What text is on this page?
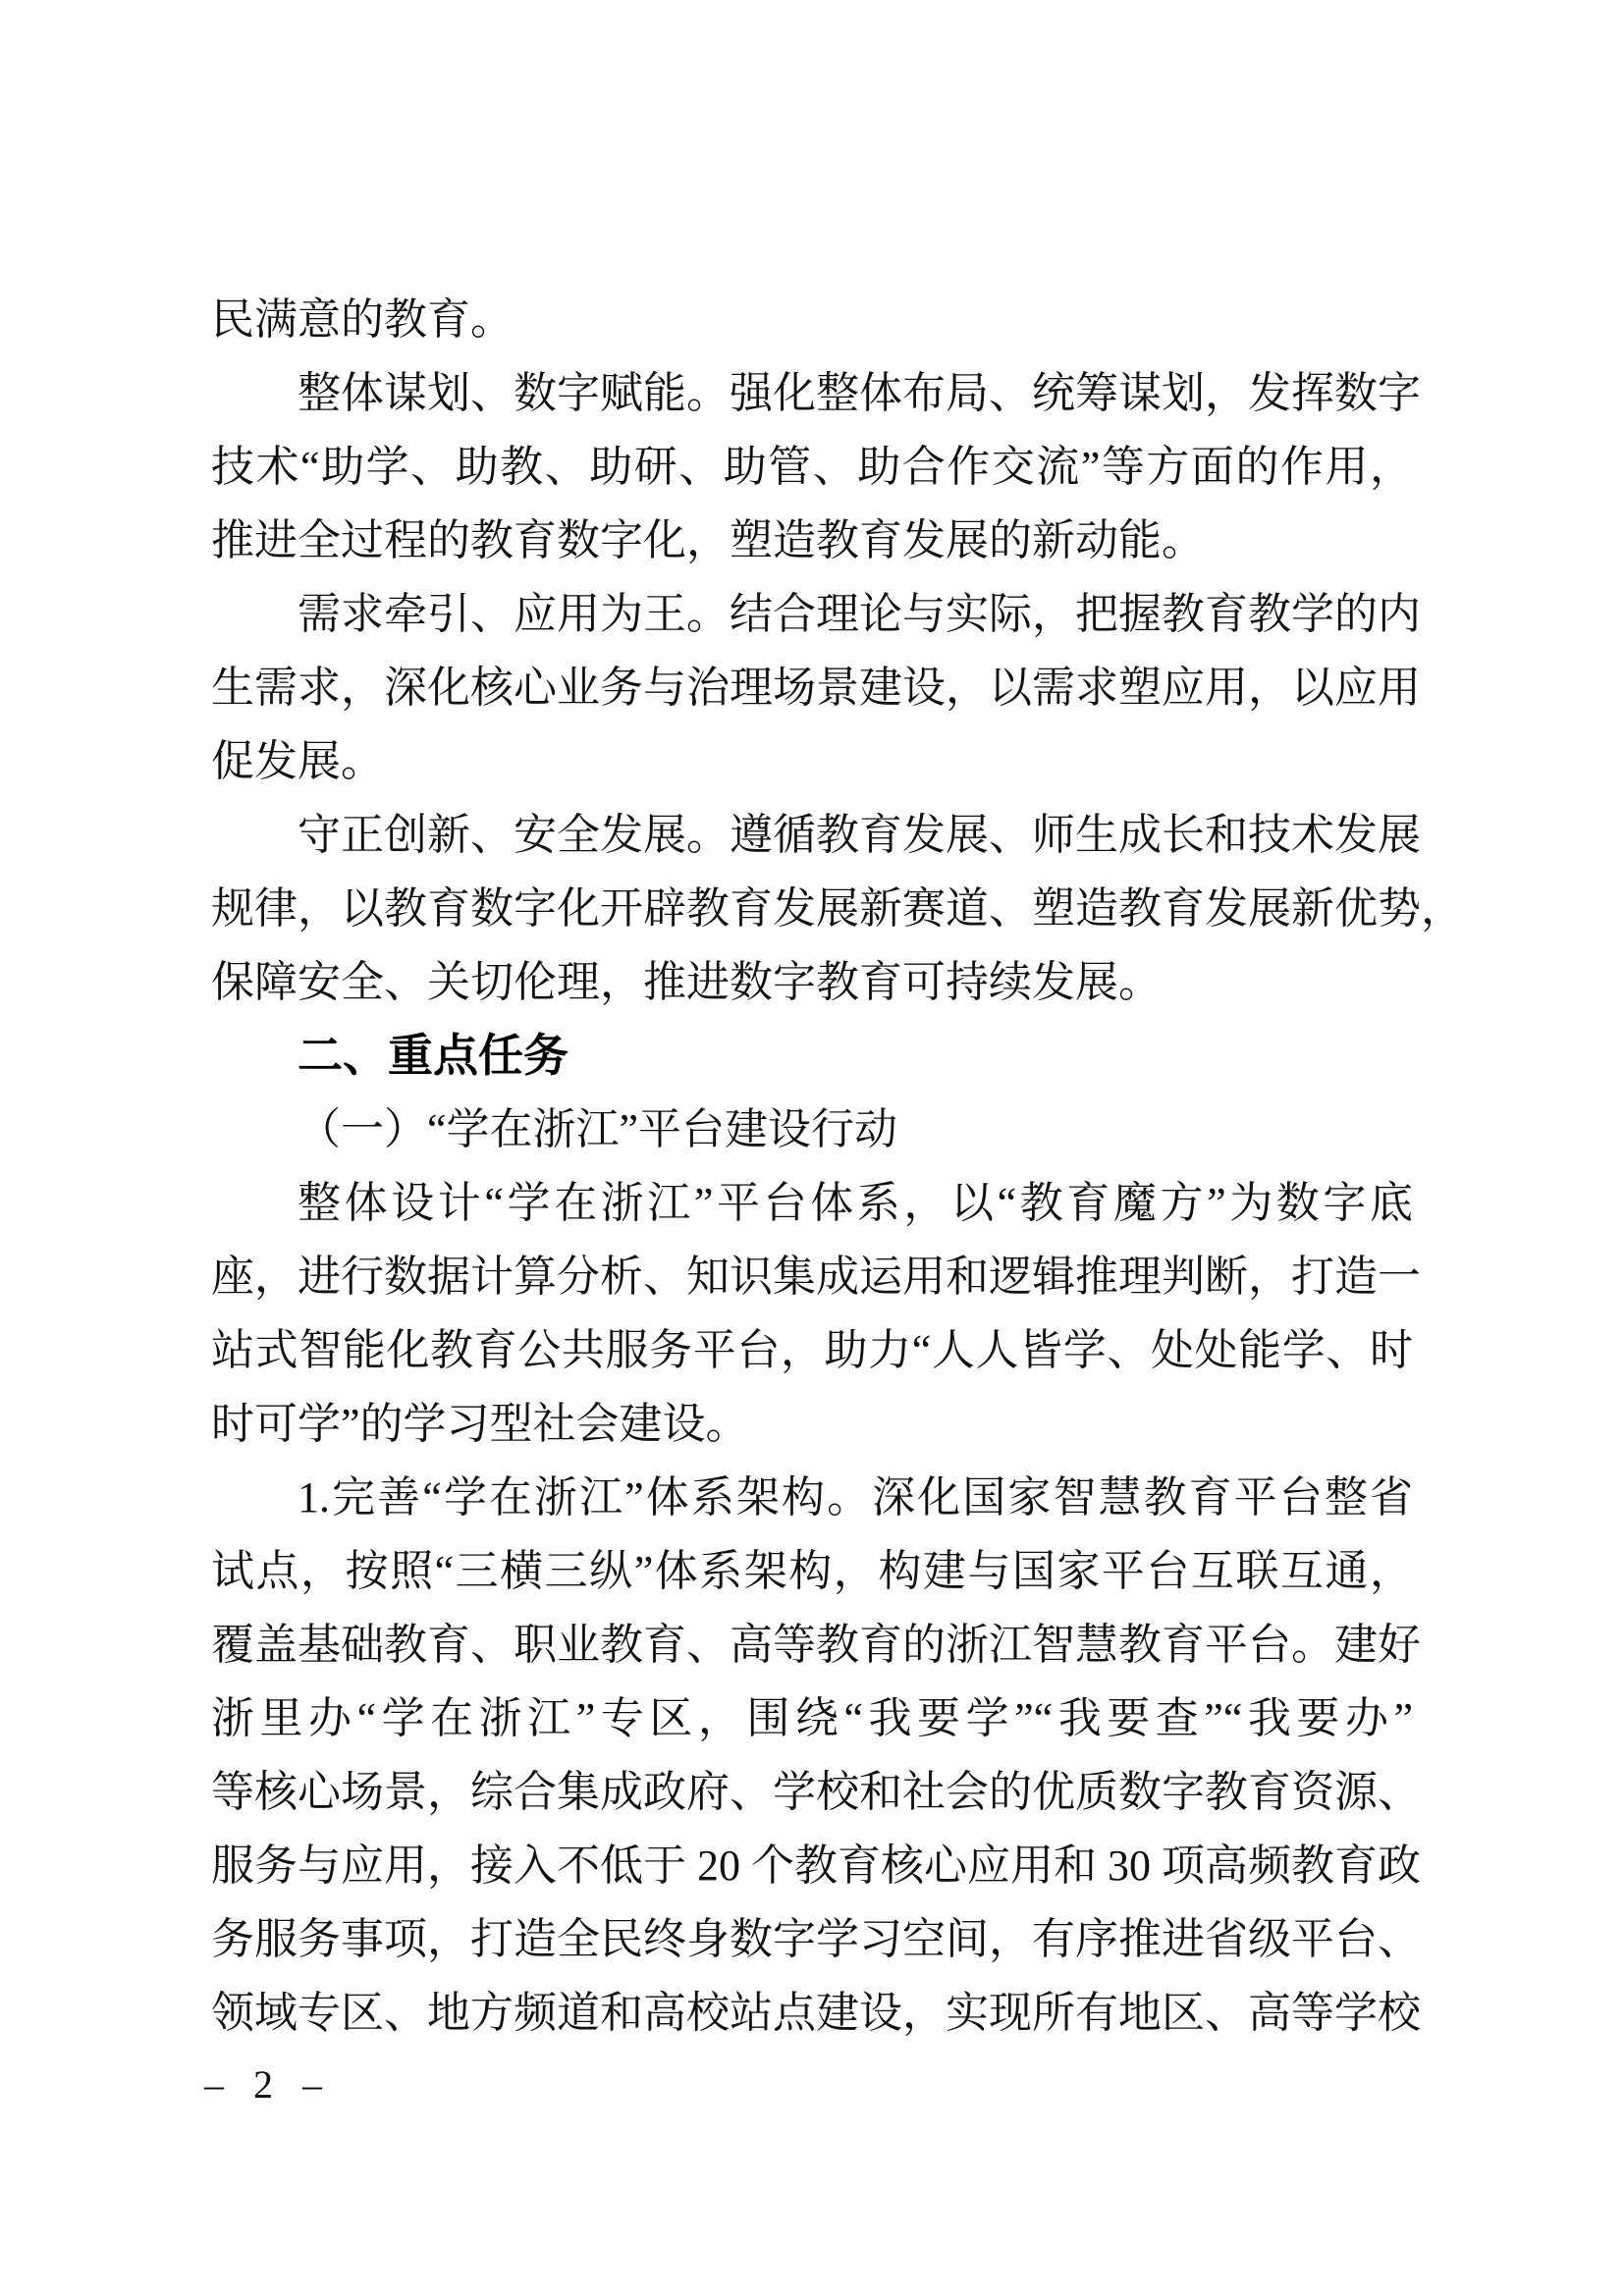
民满意的教育。
整体谋划、数字赋能。强化整体布局、统筹谋划，发挥数字
技术“助学、助教、助研、助管、助合作交流”等方面的作用，
推进全过程的教育数字化，塑造教育发展的新动能。
需求牵引、应用为王。结合理论与实际，把握教育教学的内
生需求，深化核心业务与治理场景建设，以需求塑应用，以应用
促发展。
守正创新、安全发展。遵循教育发展、师生成长和技术发展
规律，以教育数字化开辟教育发展新赛道、塑造教育发展新优势，
保障安全、关切伦理，推进数字教育可持续发展。
二、重点任务
（一）“学在浙江”平台建设行动
整体设计“学在浙江”平台体系，以“教育魔方”为数字底
座，进行数据计算分析、知识集成运用和逻辑推理判断，打造一
站式智能化教育公共服务平台，助力“人人皆学、处处能学、时
时可学”的学习型社会建设。
1.完善“学在浙江”体系架构。深化国家智慧教育平台整省
试点，按照“三横三纵”体系架构，构建与国家平台互联互通，
覆盖基础教育、职业教育、高等教育的浙江智慧教育平台。建好
浙里办“学在浙江”专区，围绕“我要学”“我要查”“我要办”
等核心场景，综合集成政府、学校和社会的优质数字教育资源、
服务与应用，接入不低于 20 个教育核心应用和 30 项高频教育政
务服务事项，打造全民终身数字学习空间，有序推进省级平台、
领域专区、地方频道和高校站点建设，实现所有地区、高等学校
– 2 –
